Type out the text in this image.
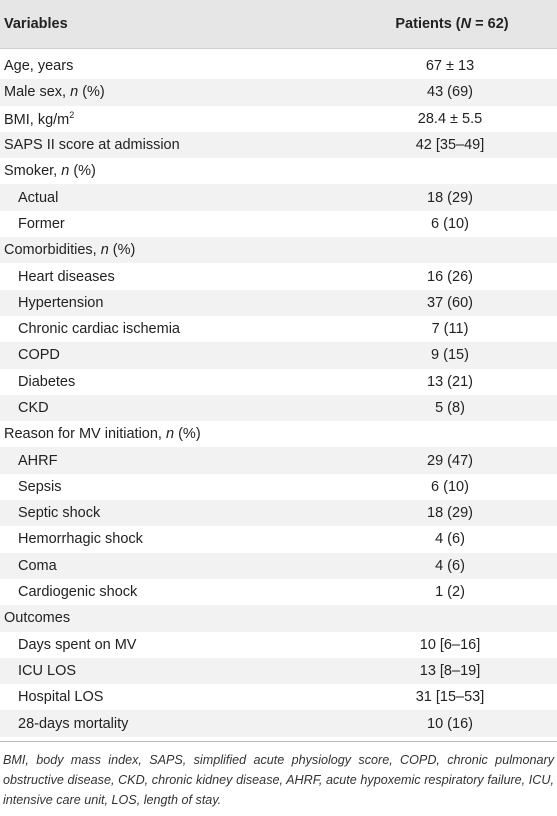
Variables	Patients (N = 62)
Age, years	67 ± 13
Male sex, n (%)	43 (69)
BMI, $kg/m^2$	28.4 ± 5.5
SAPS II score at admission	42 [35–49]
Smoker, n (%)
Actual	18 (29)
Former	6 (10)
Comorbidities, n (%)
Heart diseases	16 (26)
Hypertension	37 (60)
Chronic cardiac ischemia	7 (11)
COPD	9 (15)
Diabetes	13 (21)
CKD	5 (8)
Reason for MV initiation, n (%)
AHRF	29 (47)
Sepsis	6 (10)
Septic shock	18 (29)
Hemorrhagic shock	4 (6)
Coma	4 (6)
Cardiogenic shock	1 (2)
Outcomes
Days spent on MV	10 [6–16]
ICU LOS	13 [8–19]
Hospital LOS	31 [15–53]
28-days mortality	10 (16)
BMI, body mass index, SAPS, simplified acute physiology score, COPD, chronic pulmonary obstructive disease, CKD, chronic kidney disease, AHRF, acute hypoxemic respiratory failure, ICU, intensive care unit, LOS, length of stay.
